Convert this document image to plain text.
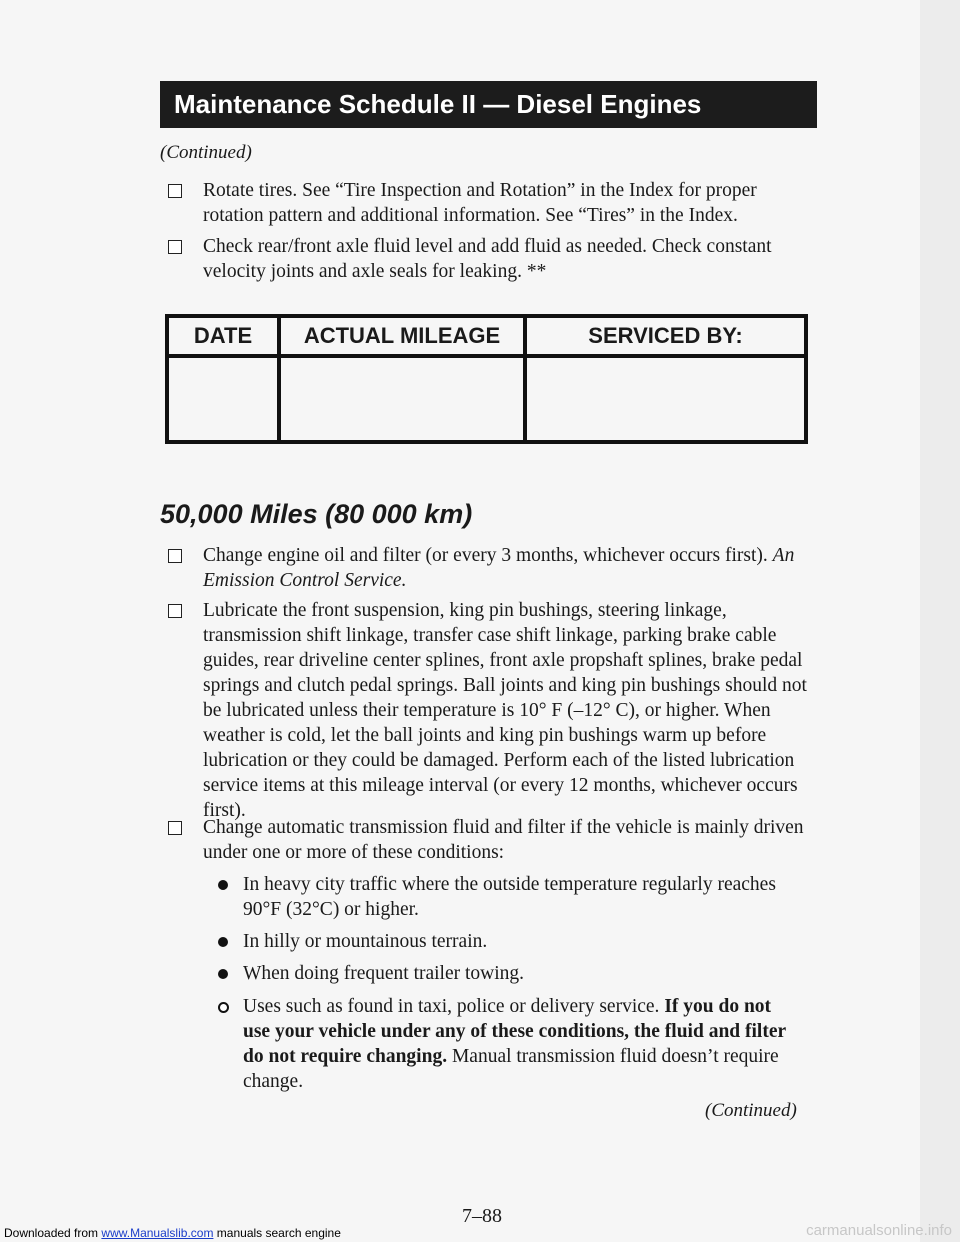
Maintenance Schedule II — Diesel Engines
(Continued)
Rotate tires. See “Tire Inspection and Rotation” in the Index for proper rotation pattern and additional information. See “Tires” in the Index.
Check rear/front axle fluid level and add fluid as needed. Check constant velocity joints and axle seals for leaking. **
DATE	ACTUAL MILEAGE	SERVICED BY:

50,000 Miles (80 000 km)
Change engine oil and filter (or every 3 months, whichever occurs first). An Emission Control Service.
Lubricate the front suspension, king pin bushings, steering linkage, transmission shift linkage, transfer case shift linkage, parking brake cable guides, rear driveline center splines, front axle propshaft splines, brake pedal springs and clutch pedal springs. Ball joints and king pin bushings should not be lubricated unless their temperature is 10° F (–12° C), or higher. When weather is cold, let the ball joints and king pin bushings warm up before lubrication or they could be damaged. Perform each of the listed lubrication service items at this mileage interval (or every 12 months, whichever occurs first).
Change automatic transmission fluid and filter if the vehicle is mainly driven under one or more of these conditions:
In heavy city traffic where the outside temperature regularly reaches 90°F (32°C) or higher.
In hilly or mountainous terrain.
When doing frequent trailer towing.
Uses such as found in taxi, police or delivery service. If you do not use your vehicle under any of these conditions, the fluid and filter do not require changing. Manual transmission fluid doesn’t require change.
(Continued)
7–88
Downloaded from www.Manualslib.com manuals search engine	carmanualsonline.info
